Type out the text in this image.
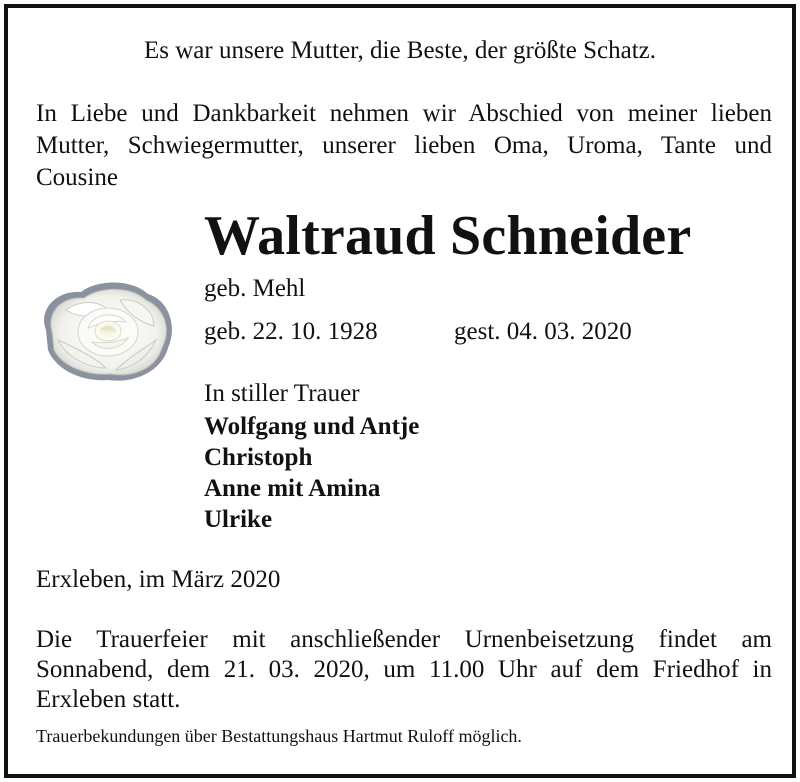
Es war unsere Mutter, die Beste, der größte Schatz.

In Liebe und Dankbarkeit nehmen wir Abschied von meiner lieben
Mutter, Schwiegermutter, unserer lieben Oma, Uroma, Tante und
Cousine

Waltraud Schneider

geb. Mehl

geb. 22. 10. 1928	gest. 04. 03. 2020

In stiller Trauer

Wolfgang und Antje

Christoph

Anne mit Amina

Ulrike

Erxleben, im März 2020

Die Trauerfeier mit anschließender Urnenbeisetzung findet am
Sonnabend, dem 21. 03. 2020, um 11.00 Uhr auf dem Friedhof in
Erxleben statt.

Trauerbekundungen über Bestattungshaus Hartmut Ruloff möglich.
